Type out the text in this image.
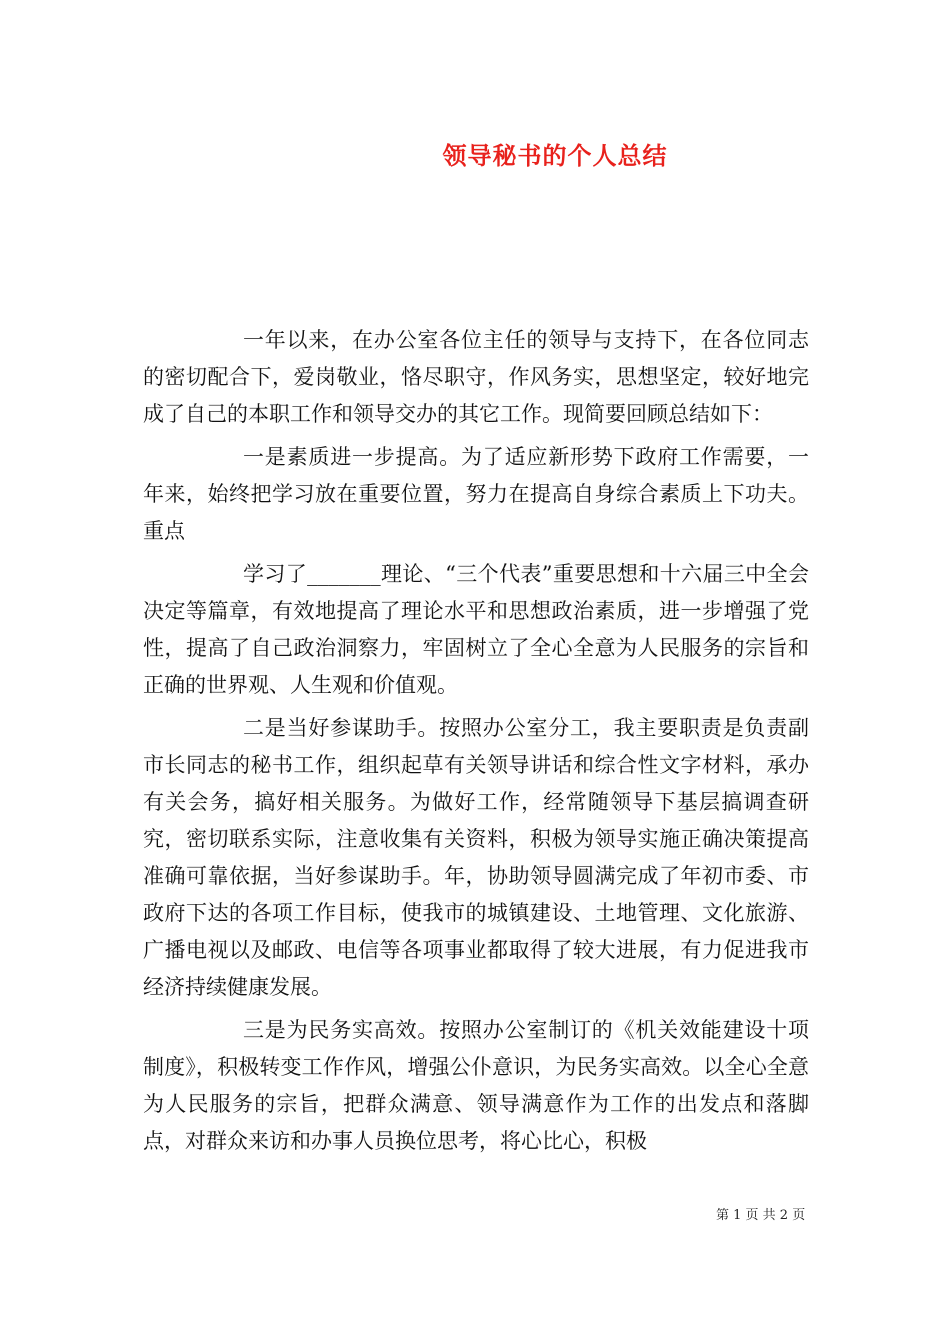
领导秘书的个人总结

一年以来，在办公室各位主任的领导与支持下，在各位同志的密切配合下，爱岗敬业，恪尽职守，作风务实，思想坚定，较好地完成了自己的本职工作和领导交办的其它工作。现简要回顾总结如下：

一是素质进一步提高。为了适应新形势下政府工作需要，一年来，始终把学习放在重要位置，努力在提高自身综合素质上下功夫。重点

学习了_______理论、“三个代表”重要思想和十六届三中全会决定等篇章，有效地提高了理论水平和思想政治素质，进一步增强了党性，提高了自己政治洞察力，牢固树立了全心全意为人民服务的宗旨和正确的世界观、人生观和价值观。

二是当好参谋助手。按照办公室分工，我主要职责是负责副市长同志的秘书工作，组织起草有关领导讲话和综合性文字材料，承办有关会务，搞好相关服务。为做好工作，经常随领导下基层搞调查研究，密切联系实际，注意收集有关资料，积极为领导实施正确决策提高准确可靠依据，当好参谋助手。年，协助领导圆满完成了年初市委、市政府下达的各项工作目标，使我市的城镇建设、土地管理、文化旅游、广播电视以及邮政、电信等各项事业都取得了较大进展，有力促进我市经济持续健康发展。

三是为民务实高效。按照办公室制订的《机关效能建设十项制度》，积极转变工作作风，增强公仆意识，为民务实高效。以全心全意为人民服务的宗旨，把群众满意、领导满意作为工作的出发点和落脚点，对群众来访和办事人员换位思考，将心比心，积极

第 1 页 共 2 页
